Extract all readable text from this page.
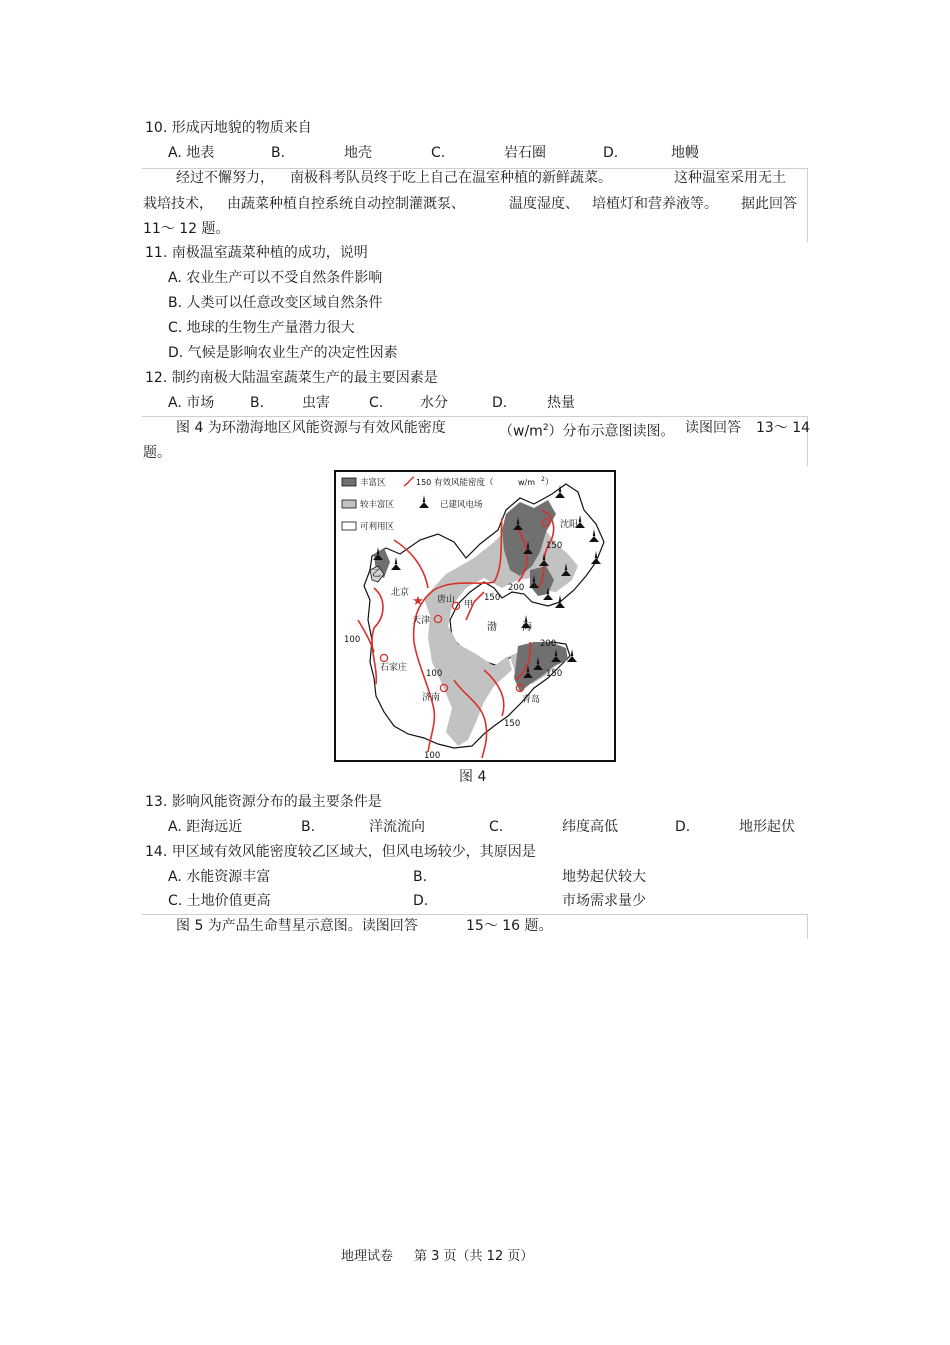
10. 形成丙地貌的物质来自
A. 地表	B.	地壳	C.	岩石圈	D.	地幔
经过不懈努力， 南极科考队员终于吃上自己在温室种植的新鲜蔬菜。	这种温室采用无土
栽培技术， 由蔬菜种植自控系统自动控制灌溉泵、	温度湿度、 培植灯和营养液等。 据此回答
11～ 12 题。
11. 南极温室蔬菜种植的成功，说明
A. 农业生产可以不受自然条件影响
B. 人类可以任意改变区域自然条件
C. 地球的生物生产量潜力很大
D. 气候是影响农业生产的决定性因素
12. 制约南极大陆温室蔬菜生产的最主要因素是
A. 市场	B.	虫害	C.	水分	D.	热量
图 4 为环渤海地区风能资源与有效风能密度	$(w/m^2)$分布示意图读图。 读图回答 13～ 14
题。
★
丰富区	150 有效风能密度（	w/m 2 ）
较丰富区	已建风电场
可利用区
北京
唐山 甲
天津
沈阳
石家庄
济南	青岛
乙
渤	海
150
200
150
100	200
100	150
150
100
图 4
13. 影响风能资源分布的最主要条件是
A. 距海远近	B.	洋流流向	C.	纬度高低	D.	地形起伏
14. 甲区域有效风能密度较乙区域大，但风电场较少，其原因是
A. 水能资源丰富	B.	地势起伏较大
C. 土地价值更高	D.	市场需求量少
图 5 为产品生命彗星示意图。读图回答	15～ 16 题。
地理试卷 第 3 页（共 12 页）
